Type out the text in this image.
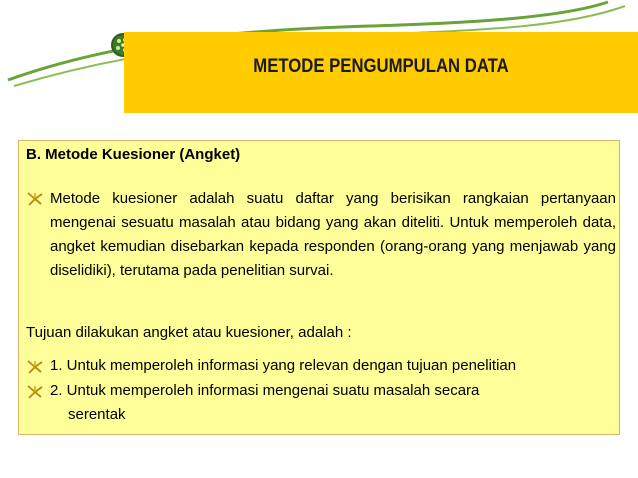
METODE PENGUMPULAN DATA
B. Metode Kuesioner (Angket)
Metode kuesioner adalah suatu daftar yang berisikan rangkaian pertanyaan mengenai sesuatu masalah atau bidang yang akan diteliti. Untuk memperoleh data, angket kemudian disebarkan kepada responden (orang-orang yang menjawab yang diselidiki), terutama pada penelitian survai.
Tujuan dilakukan angket atau kuesioner, adalah :
1. Untuk memperoleh informasi yang relevan dengan tujuan penelitian
2. Untuk memperoleh informasi mengenai suatu masalah secara
serentak
